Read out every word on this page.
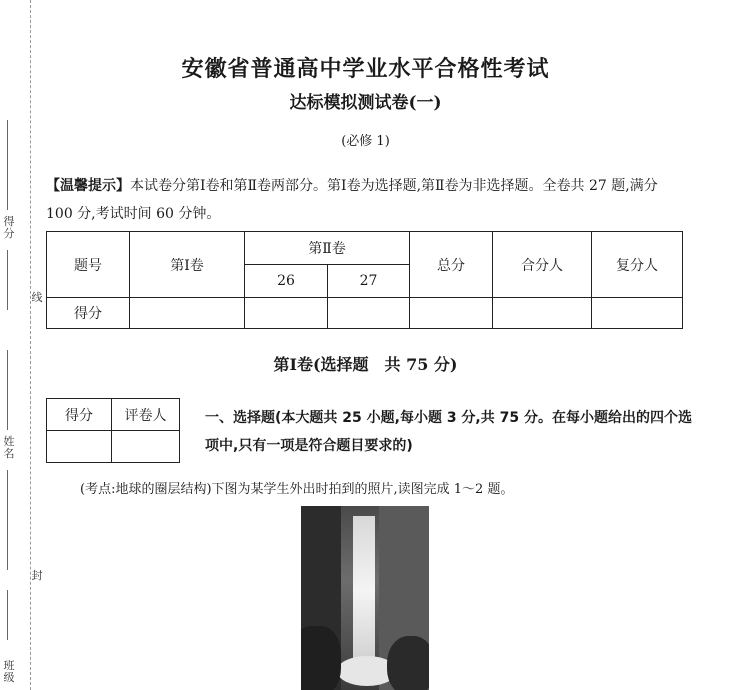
得分
线
姓名
封
班级
安徽省普通高中学业水平合格性考试
达标模拟测试卷(一)
(必修 1)
【温馨提示】本试卷分第Ⅰ卷和第Ⅱ卷两部分。第Ⅰ卷为选择题,第Ⅱ卷为非选择题。全卷共 27 题,满分 100 分,考试时间 60 分钟。
题号	第Ⅰ卷	第Ⅱ卷		总分	合分人	复分人
		26	27			
得分						
第Ⅰ卷(选择题　共 75 分)
得分	评卷人
		一、选择题(本大题共 25 小题,每小题 3 分,共 75 分。在每小题给出的四个选项中,只有一项是符合题目要求的)
(考点:地球的圈层结构)下图为某学生外出时拍到的照片,读图完成 1～2 题。
